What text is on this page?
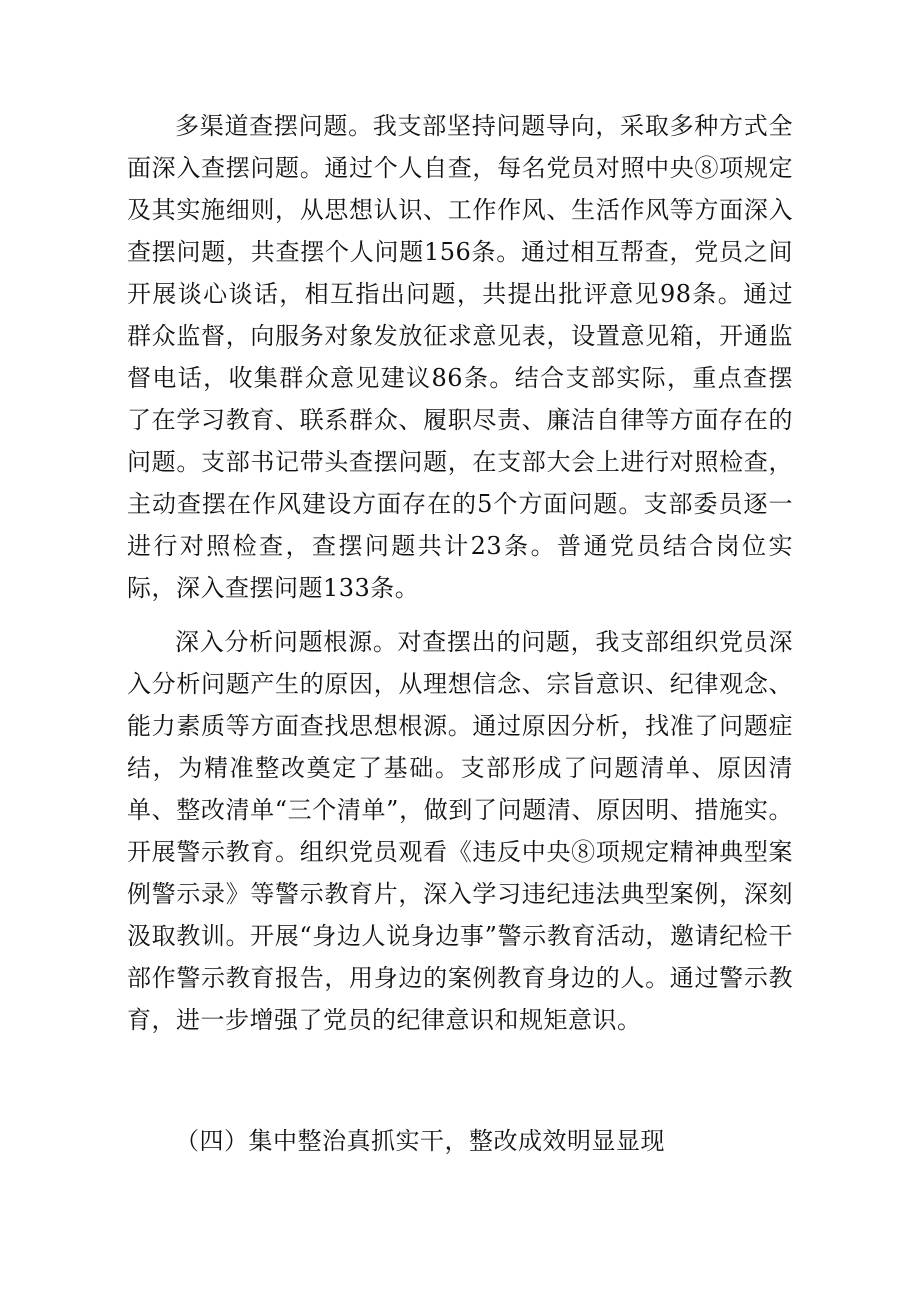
多渠道查摆问题。我支部坚持问题导向，采取多种方式全面深入查摆问题。通过个人自查，每名党员对照中央⑧项规定及其实施细则，从思想认识、工作作风、生活作风等方面深入查摆问题，共查摆个人问题156条。通过相互帮查，党员之间开展谈心谈话，相互指出问题，共提出批评意见98条。通过群众监督，向服务对象发放征求意见表，设置意见箱，开通监督电话，收集群众意见建议86条。结合支部实际，重点查摆了在学习教育、联系群众、履职尽责、廉洁自律等方面存在的问题。支部书记带头查摆问题，在支部大会上进行对照检查，主动查摆在作风建设方面存在的5个方面问题。支部委员逐一进行对照检查，查摆问题共计23条。普通党员结合岗位实际，深入查摆问题133条。

深入分析问题根源。对查摆出的问题，我支部组织党员深入分析问题产生的原因，从理想信念、宗旨意识、纪律观念、能力素质等方面查找思想根源。通过原因分析，找准了问题症结，为精准整改奠定了基础。支部形成了问题清单、原因清单、整改清单“三个清单”，做到了问题清、原因明、措施实。开展警示教育。组织党员观看《违反中央⑧项规定精神典型案例警示录》等警示教育片，深入学习违纪违法典型案例，深刻汲取教训。开展“身边人说身边事”警示教育活动，邀请纪检干部作警示教育报告，用身边的案例教育身边的人。通过警示教育，进一步增强了党员的纪律意识和规矩意识。

（四）集中整治真抓实干，整改成效明显显现
